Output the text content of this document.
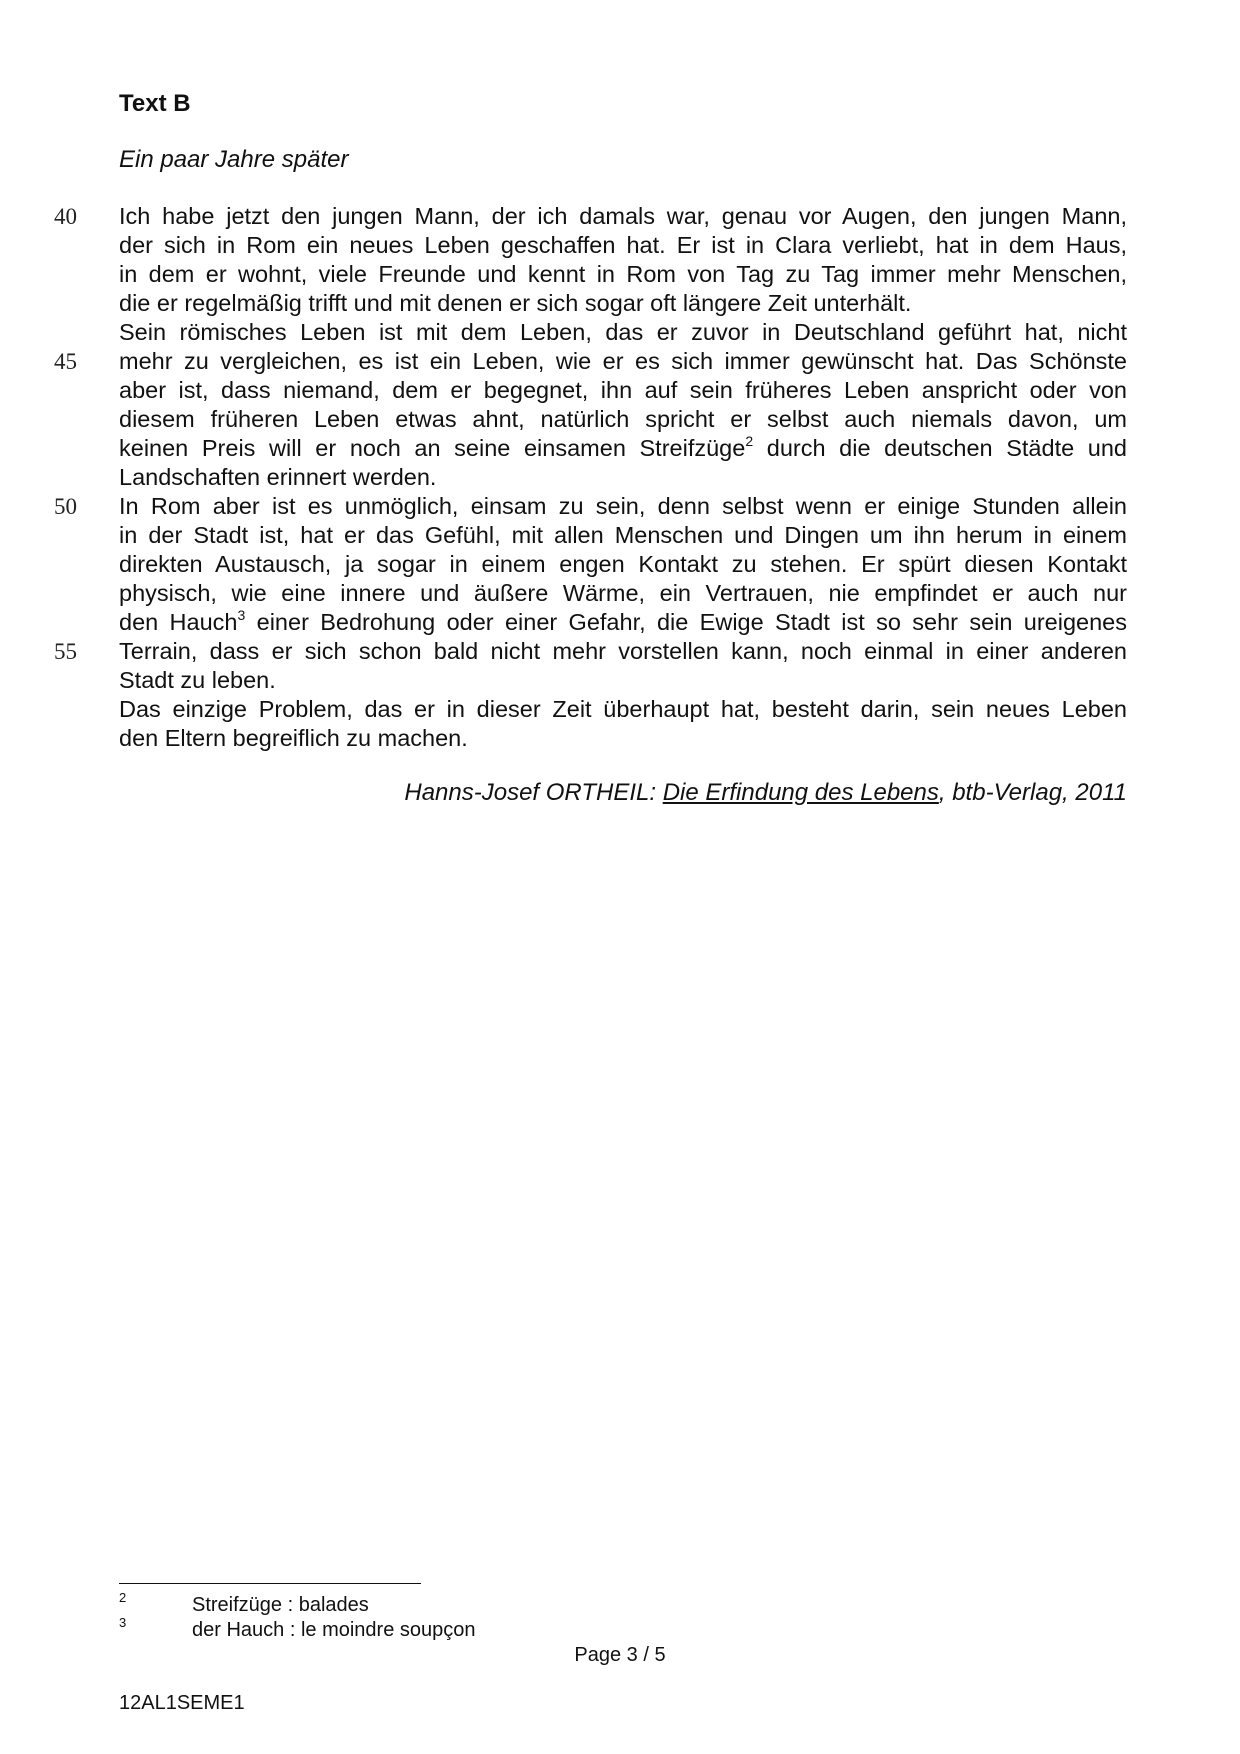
Text B
Ein paar Jahre später
40	Ich habe jetzt den jungen Mann, der ich damals war, genau vor Augen, den jungen Mann,
der sich in Rom ein neues Leben geschaffen hat. Er ist in Clara verliebt, hat in dem Haus,
in dem er wohnt, viele Freunde und kennt in Rom von Tag zu Tag immer mehr Menschen,
die er regelmäßig trifft und mit denen er sich sogar oft längere Zeit unterhält.
Sein römisches Leben ist mit dem Leben, das er zuvor in Deutschland geführt hat, nicht
45	mehr zu vergleichen, es ist ein Leben, wie er es sich immer gewünscht hat. Das Schönste
aber ist, dass niemand, dem er begegnet, ihn auf sein früheres Leben anspricht oder von
diesem früheren Leben etwas ahnt, natürlich spricht er selbst auch niemals davon, um
keinen Preis will er noch an seine einsamen Streifzüge$^2$ durch die deutschen Städte und
Landschaften erinnert werden.
50	In Rom aber ist es unmöglich, einsam zu sein, denn selbst wenn er einige Stunden allein
in der Stadt ist, hat er das Gefühl, mit allen Menschen und Dingen um ihn herum in einem
direkten Austausch, ja sogar in einem engen Kontakt zu stehen. Er spürt diesen Kontakt
physisch, wie eine innere und äußere Wärme, ein Vertrauen, nie empfindet er auch nur
den Hauch$^3$ einer Bedrohung oder einer Gefahr, die Ewige Stadt ist so sehr sein ureigenes
55	Terrain, dass er sich schon bald nicht mehr vorstellen kann, noch einmal in einer anderen
Stadt zu leben.
Das einzige Problem, das er in dieser Zeit überhaupt hat, besteht darin, sein neues Leben
den Eltern begreiflich zu machen.
Hanns-Josef ORTHEIL: Die Erfindung des Lebens, btb-Verlag, 2011
2	Streifzüge : balades
3	der Hauch : le moindre soupçon
Page 3 / 5
12AL1SEME1
